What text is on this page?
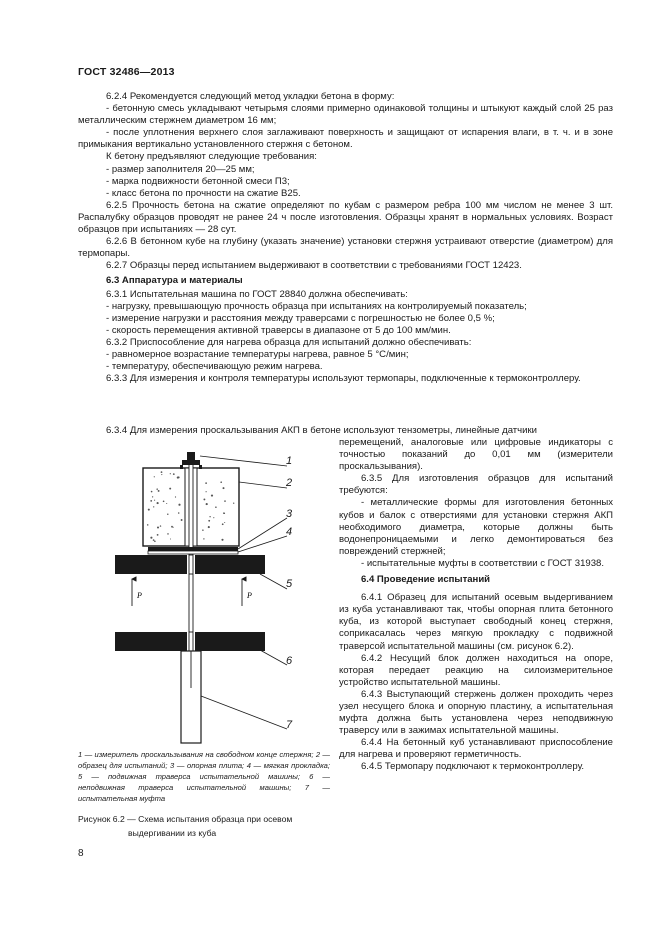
ГОСТ 32486—2013

6.2.4 Рекомендуется следующий метод укладки бетона в форму:

- бетонную смесь укладывают четырьмя слоями примерно одинаковой толщины и штыкуют каждый слой 25 раз металлическим стержнем диаметром 16 мм;

- после уплотнения верхнего слоя заглаживают поверхность и защищают от испарения влаги, в т. ч. и в зоне примыкания вертикально установленного стержня с бетоном.

К бетону предъявляют следующие требования:

- размер заполнителя 20—25 мм;

- марка подвижности бетонной смеси П3;

- класс бетона по прочности на сжатие В25.

6.2.5 Прочность бетона на сжатие определяют по кубам с размером ребра 100 мм числом не менее 3 шт. Распалубку образцов проводят не ранее 24 ч после изготовления. Образцы хранят в нормальных условиях. Возраст образцов при испытаниях — 28 сут.

6.2.6 В бетонном кубе на глубину (указать значение) установки стержня устраивают отверстие (диаметром) для термопары.

6.2.7 Образцы перед испытанием выдерживают в соответствии с требованиями ГОСТ 12423.

6.3 Аппаратура и материалы

6.3.1 Испытательная машина по ГОСТ 28840 должна обеспечивать:

- нагрузку, превышающую прочность образца при испытаниях на контролируемый показатель;

- измерение нагрузки и расстояния между траверсами с погрешностью не более 0,5 %;

- скорость перемещения активной траверсы в диапазоне от 5 до 100 мм/мин.

6.3.2 Приспособление для нагрева образца для испытаний должно обеспечивать:

- равномерное возрастание температуры нагрева, равное 5 °С/мин;

- температуру, обеспечивающую режим нагрева.

6.3.3 Для измерения и контроля температуры используют термопары, подключенные к термоконтроллеру.

6.3.4 Для измерения проскальзывания АКП в бетоне используют тензометры, линейные датчики

перемещений, аналоговые или цифровые индикаторы с точностью показаний до 0,01 мм (измерители проскальзывания).

6.3.5 Для изготовления образцов для испытаний требуются:

- металлические формы для изготовления бетонных кубов и балок с отверстиями для установки стержня АКП необходимого диаметра, которые должны быть водонепроницаемыми и легко демонтироваться без повреждений стержней;

- испытательные муфты в соответствии с ГОСТ 31938.

6.4 Проведение испытаний

6.4.1 Образец для испытаний осевым выдергиванием из куба устанавливают так, чтобы опорная плита бетонного куба, из которой выступает свободный конец стержня, соприкасалась через мягкую прокладку с подвижной траверсой испытательной машины (см. рисунок 6.2).

6.4.2 Несущий блок должен находиться на опоре, которая передает реакцию на силоизмерительное устройство испытательной машины.

6.4.3 Выступающий стержень должен проходить через узел несущего блока и опорную пластину, а испытательная муфта должна быть установлена через неподвижную траверсу или в зажимах испытательной машины.

6.4.4 На бетонный куб устанавливают приспособление для нагрева и проверяют герметичность.

6.4.5 Термопару подключают к термоконтроллеру.

P	P
1
2
3
4
5
6
7
1 — измеритель проскальзывания на свободном конце стержня; 2 — образец для испытаний; 3 — опорная плита; 4 — мягкая прокладка; 5 — подвижная траверса испытательной машины; 6 — неподвижная траверса испытательной машины; 7 — испытательная муфта
Рисунок 6.2 — Схема испытания образца при осевом
выдергивании из куба
8
